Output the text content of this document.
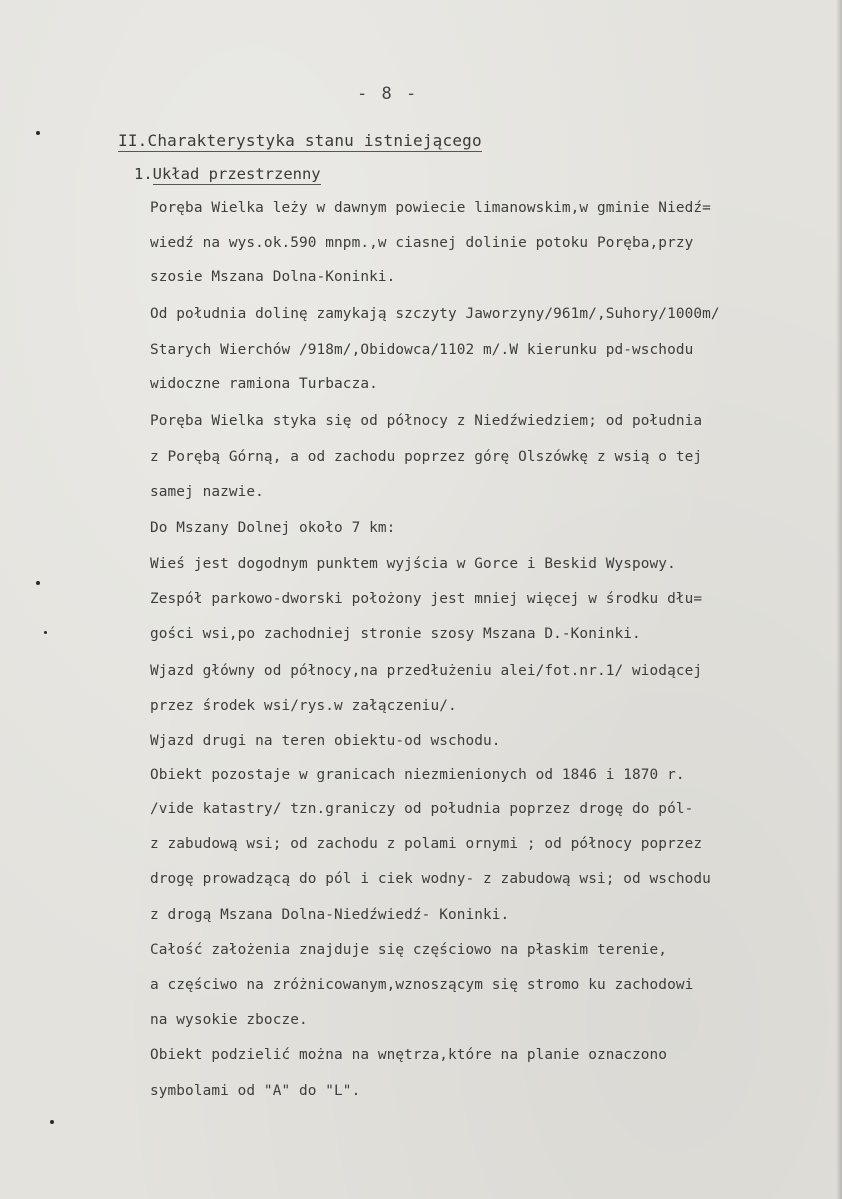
- 8 -
II.Charakterystyka stanu istniejącego
1.Układ przestrzenny
Poręba Wielka leży w dawnym powiecie limanowskim,w gminie Niedź=
wiedź na wys.ok.590 mnpm.,w ciasnej dolinie potoku Poręba,przy
szosie Mszana Dolna-Koninki.
Od południa dolinę zamykają szczyty Jaworzyny/961m/,Suhory/1000m/
Starych Wierchów /918m/,Obidowca/1102 m/.W kierunku pd-wschodu
widoczne ramiona Turbacza.
Poręba Wielka styka się od północy z Niedźwiedziem; od południa
z Porębą Górną, a od zachodu poprzez górę Olszówkę z wsią o tej
samej nazwie.
Do Mszany Dolnej około 7 km:
Wieś jest dogodnym punktem wyjścia w Gorce i Beskid Wyspowy.
Zespół parkowo-dworski położony jest mniej więcej w środku dłu=
gości wsi,po zachodniej stronie szosy Mszana D.-Koninki.
Wjazd główny od północy,na przedłużeniu alei/fot.nr.1/ wiodącej
przez środek wsi/rys.w załączeniu/.
Wjazd drugi na teren obiektu-od wschodu.
Obiekt pozostaje w granicach niezmienionych od 1846 i 1870 r.
/vide katastry/ tzn.graniczy od południa poprzez drogę do pól-
z zabudową wsi; od zachodu z polami ornymi ; od północy poprzez
drogę prowadzącą do pól i ciek wodny- z zabudową wsi; od wschodu
z drogą Mszana Dolna-Niedźwiedź- Koninki.
Całość założenia znajduje się częściowo na płaskim terenie,
a częściwo na zróżnicowanym,wznoszącym się stromo ku zachodowi
na wysokie zbocze.
Obiekt podzielić można na wnętrza,które na planie oznaczono
symbolami od "A" do "L".
